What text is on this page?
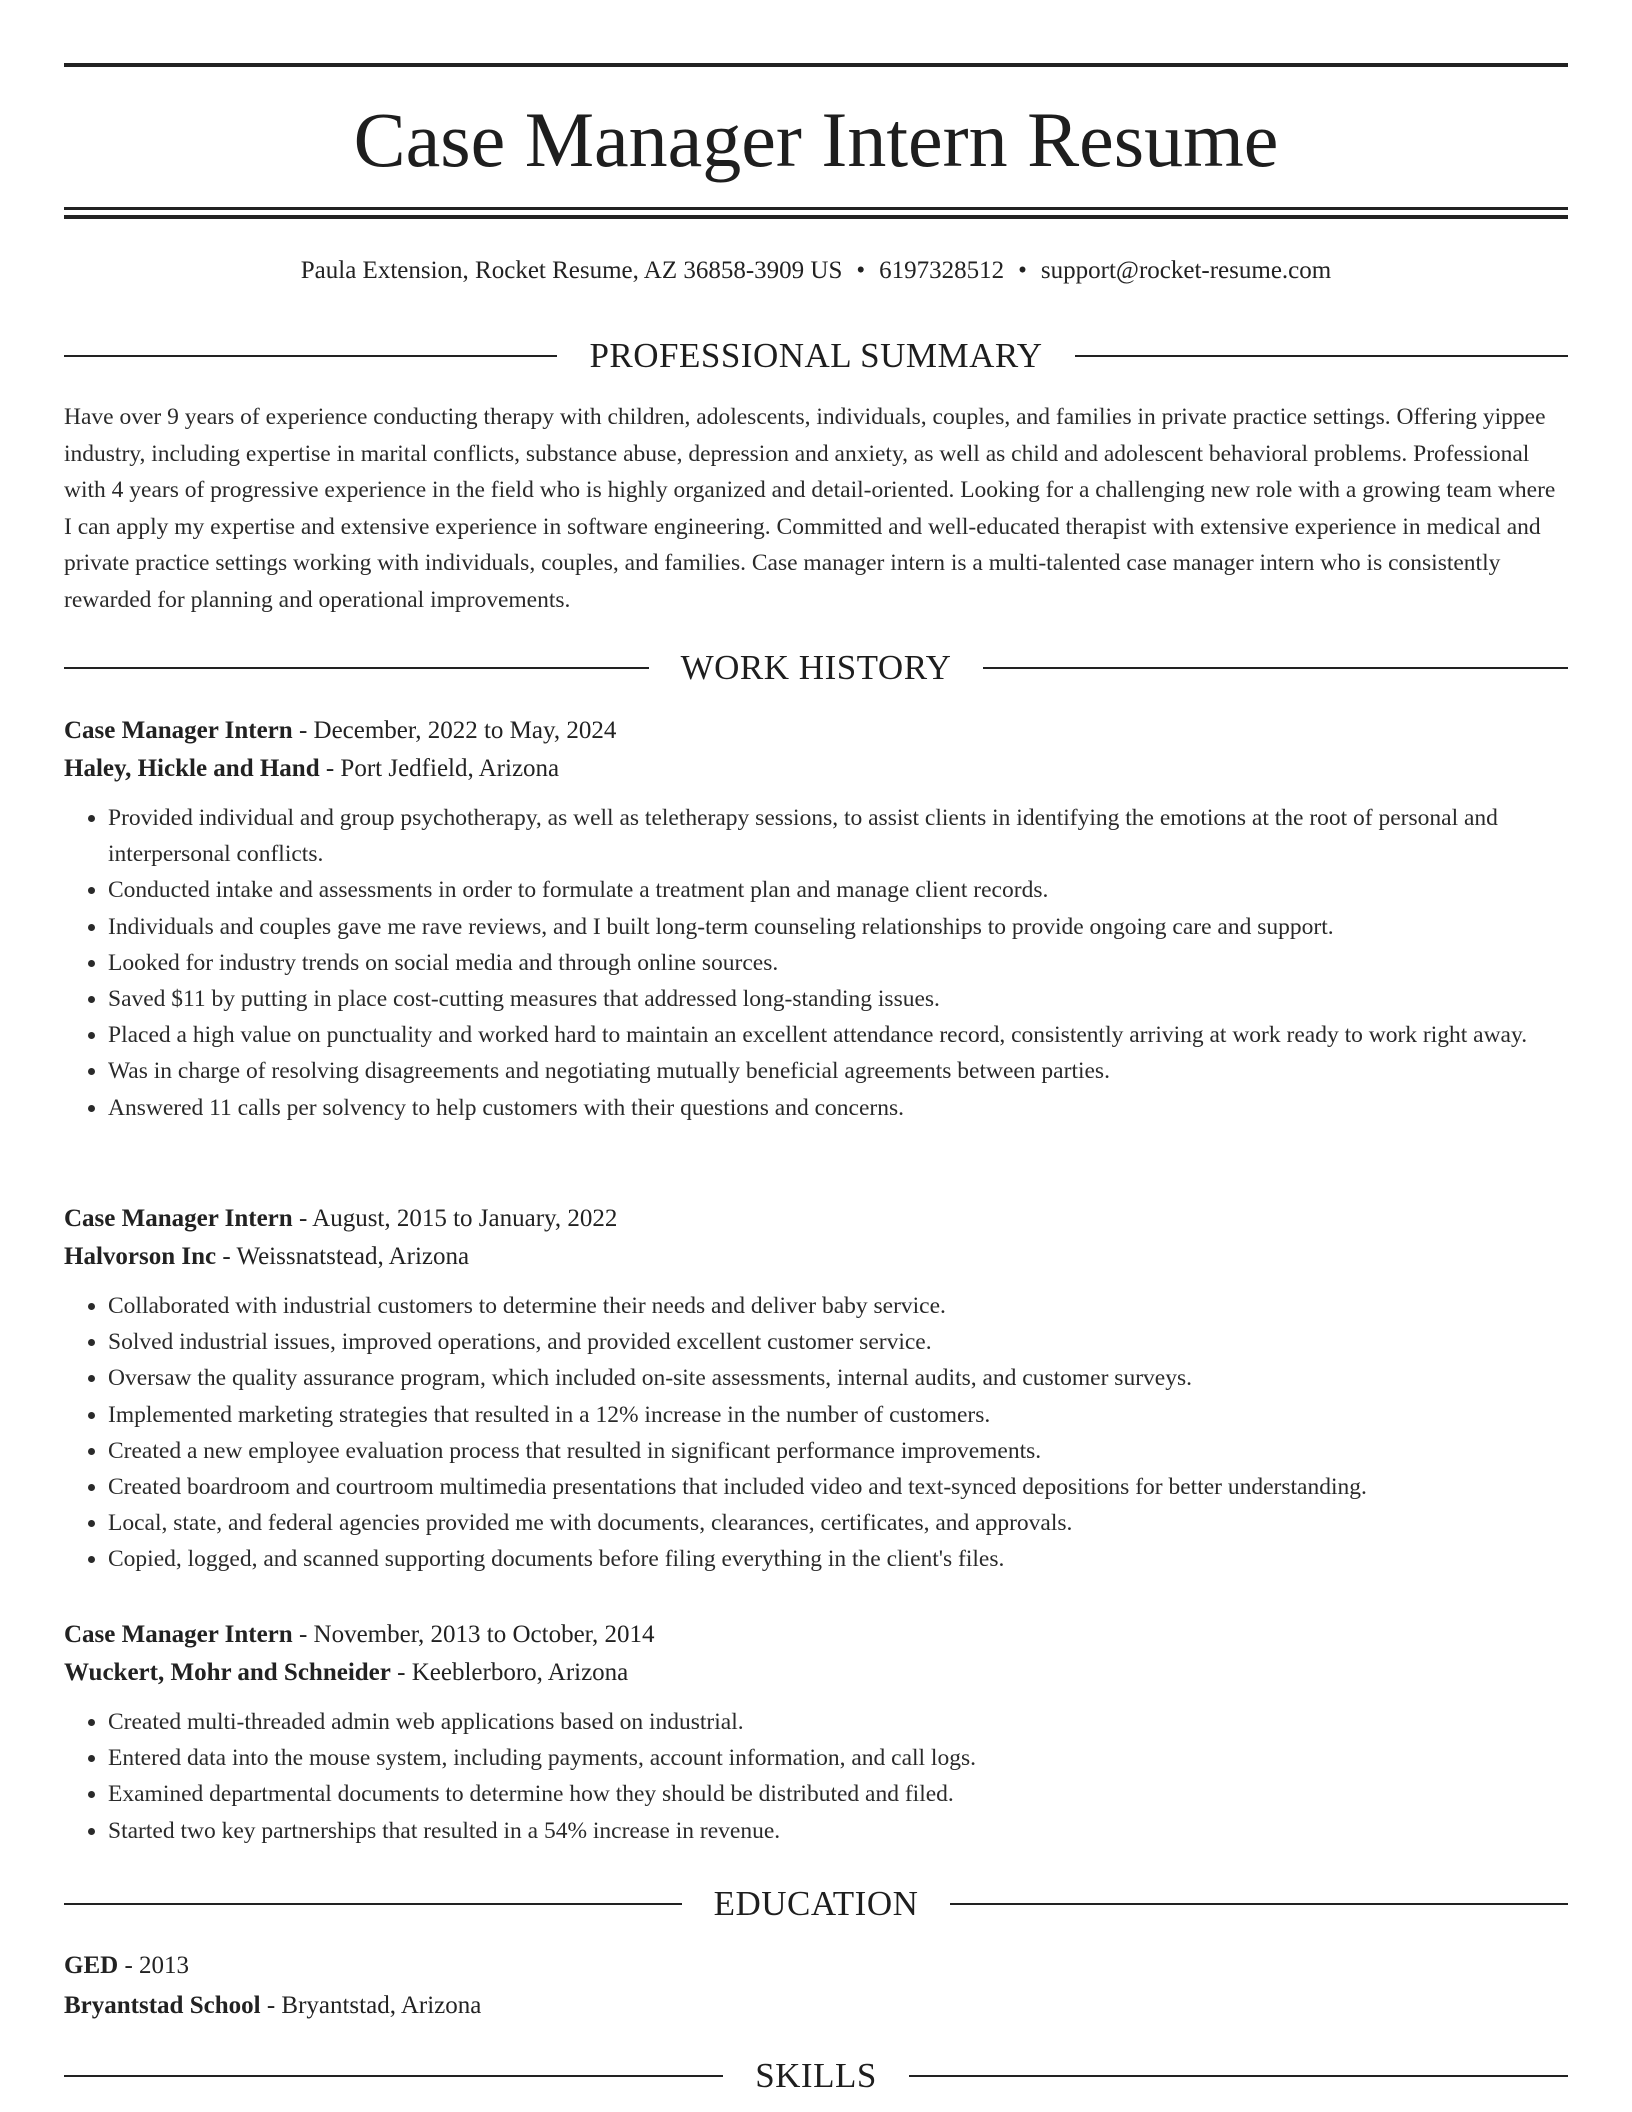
Case Manager Intern Resume
Paula Extension, Rocket Resume, AZ 36858-3909 US • 6197328512 • support@rocket-resume.com
PROFESSIONAL SUMMARY

Have over 9 years of experience conducting therapy with children, adolescents, individuals, couples, and families in private practice settings. Offering yippee industry, including expertise in marital conflicts, substance abuse, depression and anxiety, as well as child and adolescent behavioral problems. Professional with 4 years of progressive experience in the field who is highly organized and detail-oriented. Looking for a challenging new role with a growing team where I can apply my expertise and extensive experience in software engineering. Committed and well-educated therapist with extensive experience in medical and private practice settings working with individuals, couples, and families. Case manager intern is a multi-talented case manager intern who is consistently rewarded for planning and operational improvements.

WORK HISTORY
Case Manager Intern - December, 2022 to May, 2024
Haley, Hickle and Hand - Port Jedfield, Arizona
• Provided individual and group psychotherapy, as well as teletherapy sessions, to assist clients in identifying the emotions at the root of personal and interpersonal conflicts.
• Conducted intake and assessments in order to formulate a treatment plan and manage client records.
• Individuals and couples gave me rave reviews, and I built long-term counseling relationships to provide ongoing care and support.
• Looked for industry trends on social media and through online sources.
• Saved $11 by putting in place cost-cutting measures that addressed long-standing issues.
• Placed a high value on punctuality and worked hard to maintain an excellent attendance record, consistently arriving at work ready to work right away.
• Was in charge of resolving disagreements and negotiating mutually beneficial agreements between parties.
• Answered 11 calls per solvency to help customers with their questions and concerns.
Case Manager Intern - August, 2015 to January, 2022
Halvorson Inc - Weissnatstead, Arizona
• Collaborated with industrial customers to determine their needs and deliver baby service.
• Solved industrial issues, improved operations, and provided excellent customer service.
• Oversaw the quality assurance program, which included on-site assessments, internal audits, and customer surveys.
• Implemented marketing strategies that resulted in a 12% increase in the number of customers.
• Created a new employee evaluation process that resulted in significant performance improvements.
• Created boardroom and courtroom multimedia presentations that included video and text-synced depositions for better understanding.
• Local, state, and federal agencies provided me with documents, clearances, certificates, and approvals.
• Copied, logged, and scanned supporting documents before filing everything in the client's files.
Case Manager Intern - November, 2013 to October, 2014
Wuckert, Mohr and Schneider - Keeblerboro, Arizona
• Created multi-threaded admin web applications based on industrial.
• Entered data into the mouse system, including payments, account information, and call logs.
• Examined departmental documents to determine how they should be distributed and filed.
• Started two key partnerships that resulted in a 54% increase in revenue.
EDUCATION
GED - 2013
Bryantstad School - Bryantstad, Arizona
SKILLS
